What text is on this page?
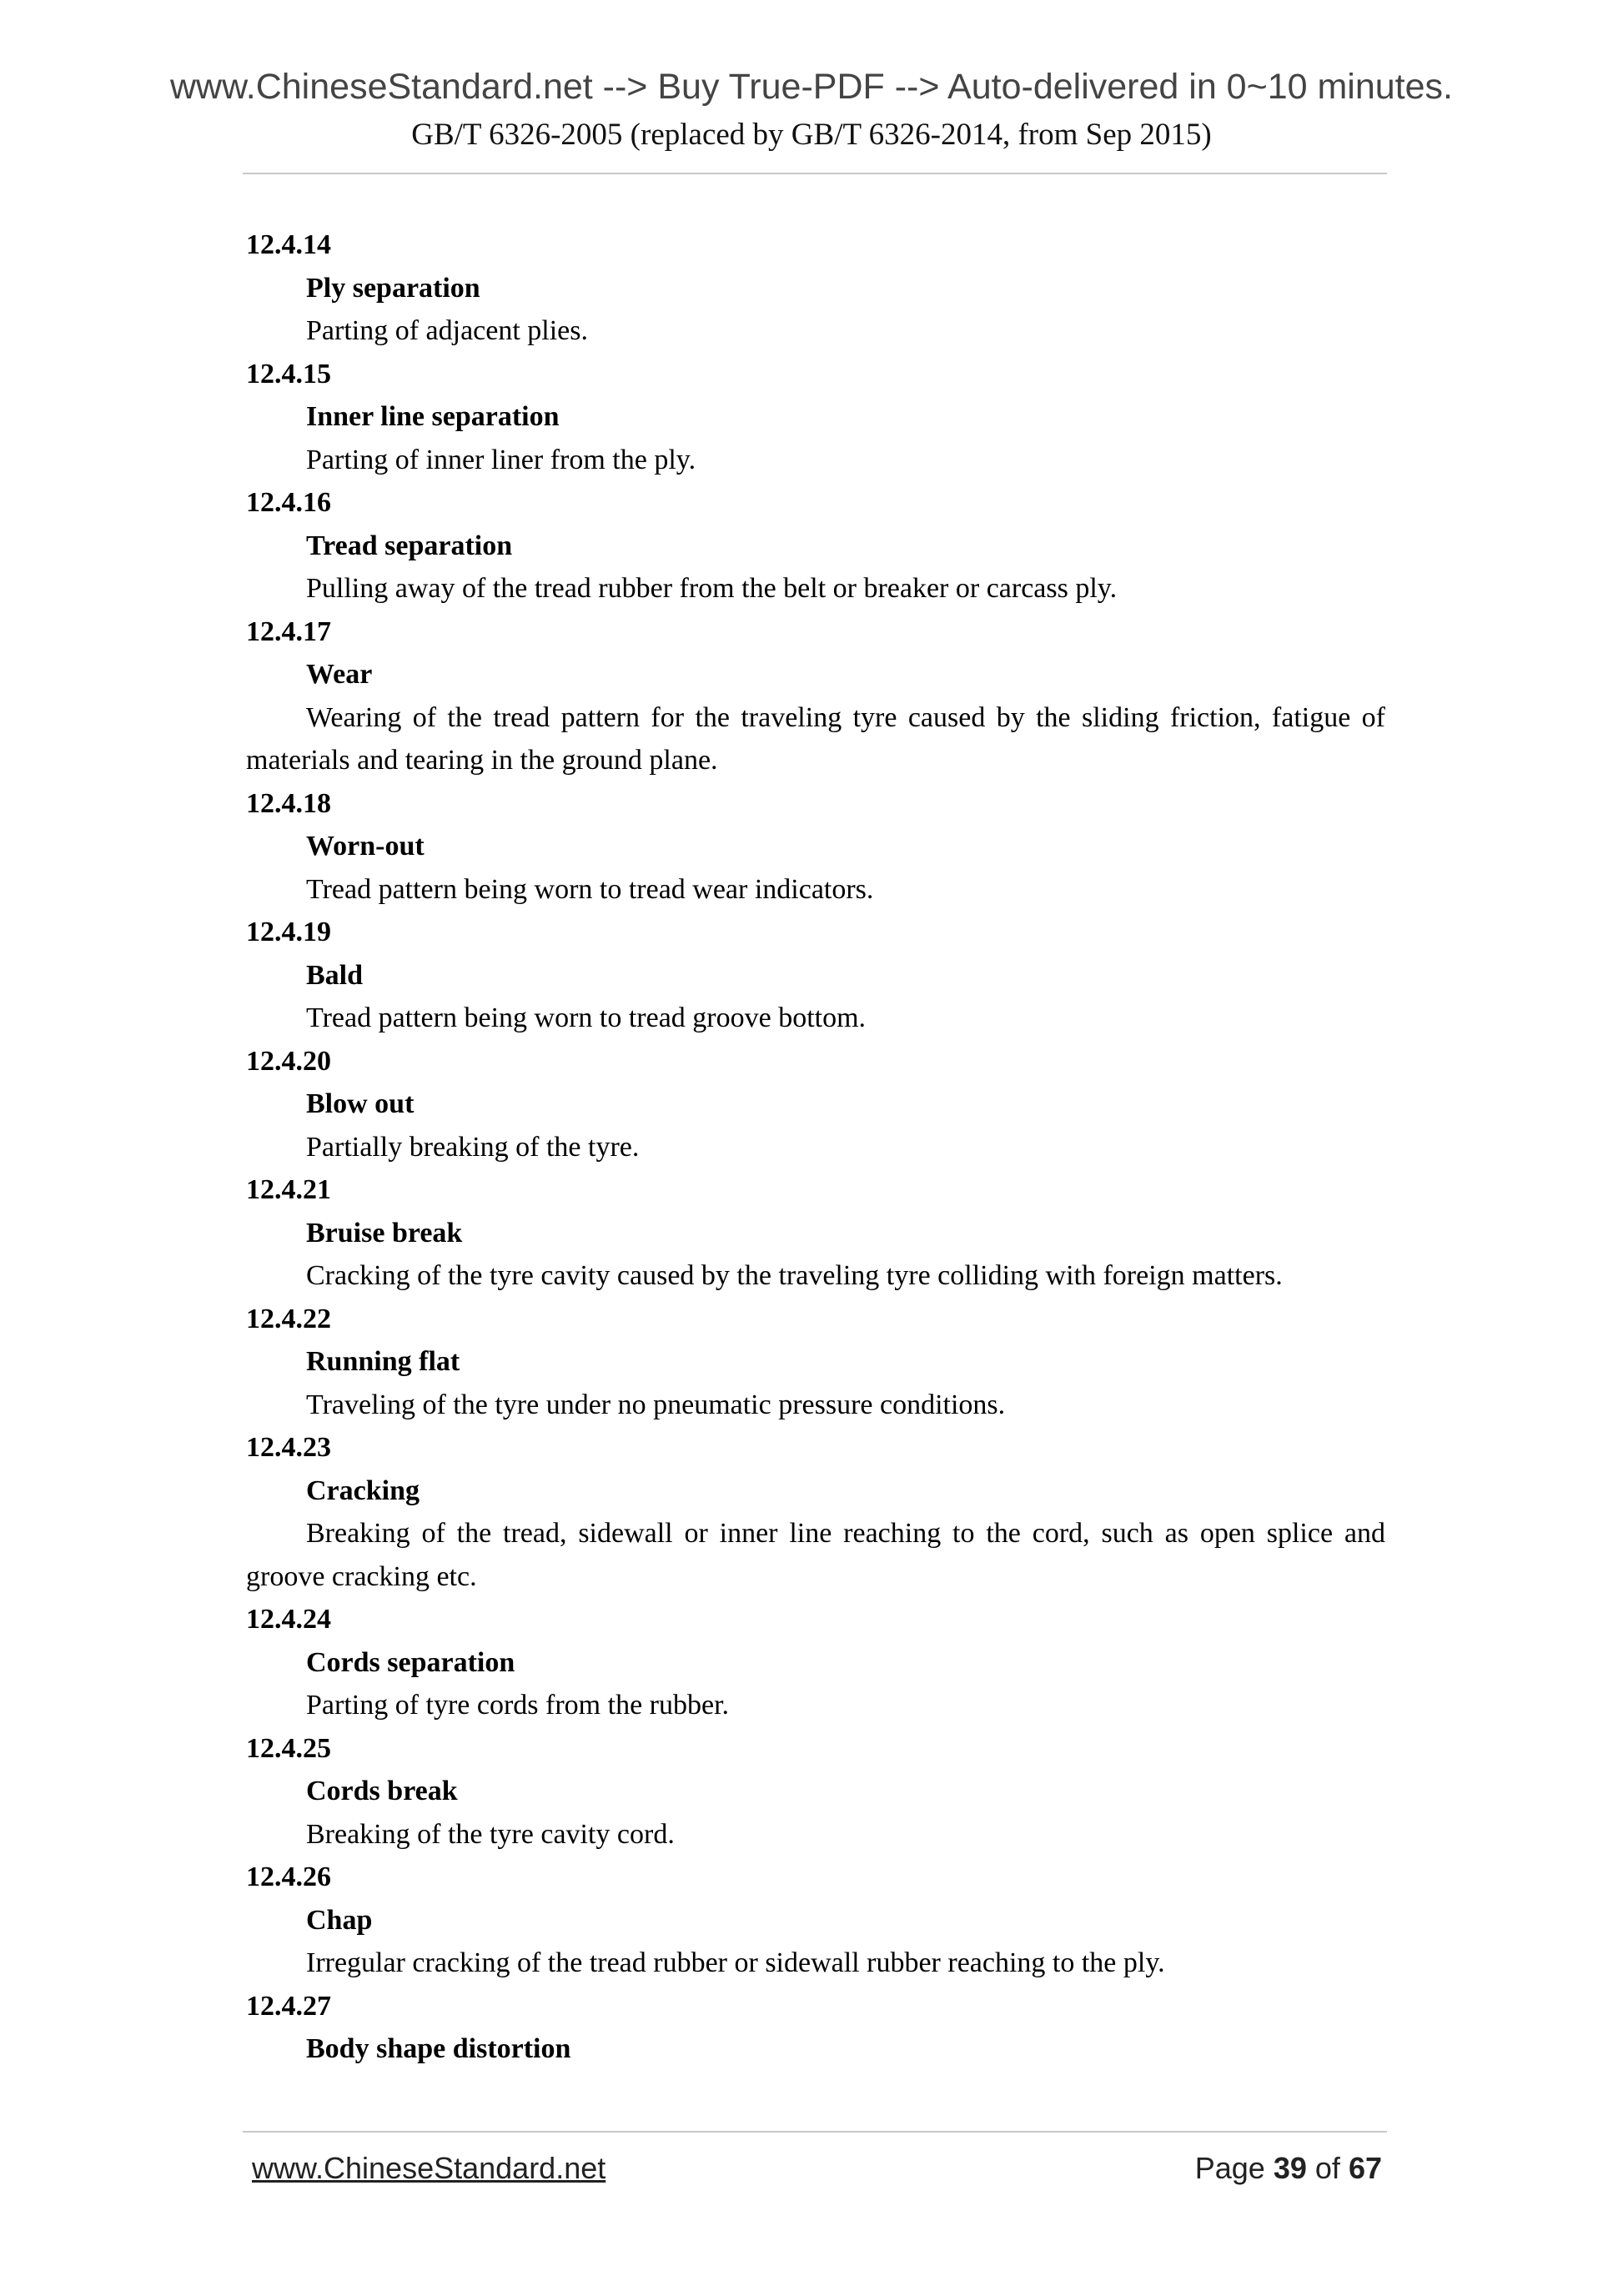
www.ChineseStandard.net --> Buy True-PDF --> Auto-delivered in 0~10 minutes.
GB/T 6326-2005 (replaced by GB/T 6326-2014, from Sep 2015)
12.4.14
Ply separation
Parting of adjacent plies.
12.4.15
Inner line separation
Parting of inner liner from the ply.
12.4.16
Tread separation
Pulling away of the tread rubber from the belt or breaker or carcass ply.
12.4.17
Wear
Wearing of the tread pattern for the traveling tyre caused by the sliding friction, fatigue of materials and tearing in the ground plane.
12.4.18
Worn-out
Tread pattern being worn to tread wear indicators.
12.4.19
Bald
Tread pattern being worn to tread groove bottom.
12.4.20
Blow out
Partially breaking of the tyre.
12.4.21
Bruise break
Cracking of the tyre cavity caused by the traveling tyre colliding with foreign matters.
12.4.22
Running flat
Traveling of the tyre under no pneumatic pressure conditions.
12.4.23
Cracking
Breaking of the tread, sidewall or inner line reaching to the cord, such as open splice and groove cracking etc.
12.4.24
Cords separation
Parting of tyre cords from the rubber.
12.4.25
Cords break
Breaking of the tyre cavity cord.
12.4.26
Chap
Irregular cracking of the tread rubber or sidewall rubber reaching to the ply.
12.4.27
Body shape distortion
www.ChineseStandard.net	Page 39 of 67
